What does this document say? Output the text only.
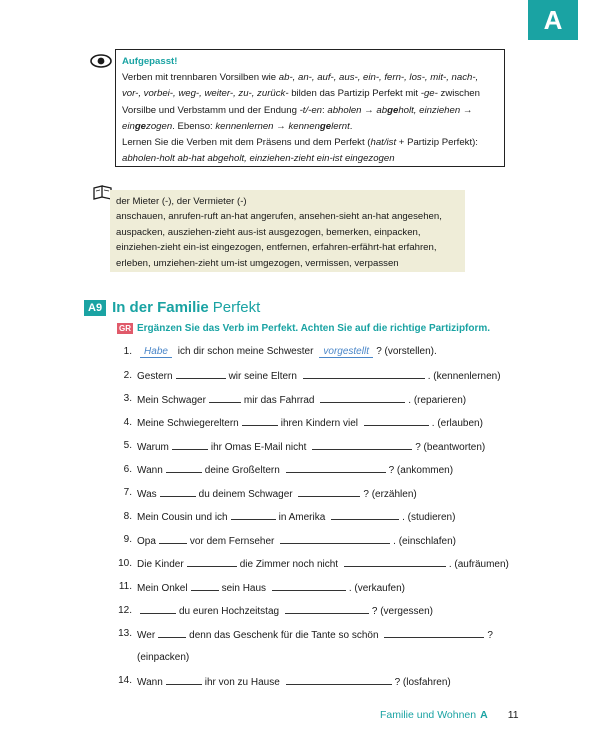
A
Aufgepasst!
Verben mit trennbaren Vorsilben wie ab-, an-, auf-, aus-, ein-, fern-, los-, mit-, nach-,
vor-, vorbei-, weg-, weiter-, zu-, zurück- bilden das Partizip Perfekt mit -ge- zwischen
Vorsilbe und Verbstamm und der Endung -t/-en: abholen → abgeholt, einziehen →
eingezogen. Ebenso: kennenlernen → kennengelernt.
Lernen Sie die Verben mit dem Präsens und dem Perfekt (hat/ist + Partizip Perfekt):
abholen-holt ab-hat abgeholt, einziehen-zieht ein-ist eingezogen
der Mieter (-), der Vermieter (-)
anschauen, anrufen-ruft an-hat angerufen, ansehen-sieht an-hat angesehen,
auspacken, ausziehen-zieht aus-ist ausgezogen, bemerken, einpacken,
einziehen-zieht ein-ist eingezogen, entfernen, erfahren-erfährt-hat erfahren,
erleben, umziehen-zieht um-ist umgezogen, vermissen, verpassen
A9 In der Familie Perfekt
GR Ergänzen Sie das Verb im Perfekt. Achten Sie auf die richtige Partizipform.
1.	Habe ich dir schon meine Schwester vorgestellt ? (vorstellen).
2. Gestern	wir seine Eltern	. (kennenlernen)
3. Mein Schwager	mir das Fahrrad	. (reparieren)
4. Meine Schwiegereltern	ihren Kindern viel	. (erlauben)
5. Warum	ihr Omas E-Mail nicht	? (beantworten)
6. Wann	deine Großeltern	? (ankommen)
7. Was	du deinem Schwager	? (erzählen)
8. Mein Cousin und ich	in Amerika	. (studieren)
9. Opa	vor dem Fernseher	. (einschlafen)
10. Die Kinder	die Zimmer noch nicht	. (aufräumen)
11. Mein Onkel	sein Haus	. (verkaufen)
12.	du euren Hochzeitstag	? (vergessen)
13. Wer	denn das Geschenk für die Tante so schön	?
(einpacken)
14. Wann	ihr von zu Hause	? (losfahren)
Familie und Wohnen A 11
